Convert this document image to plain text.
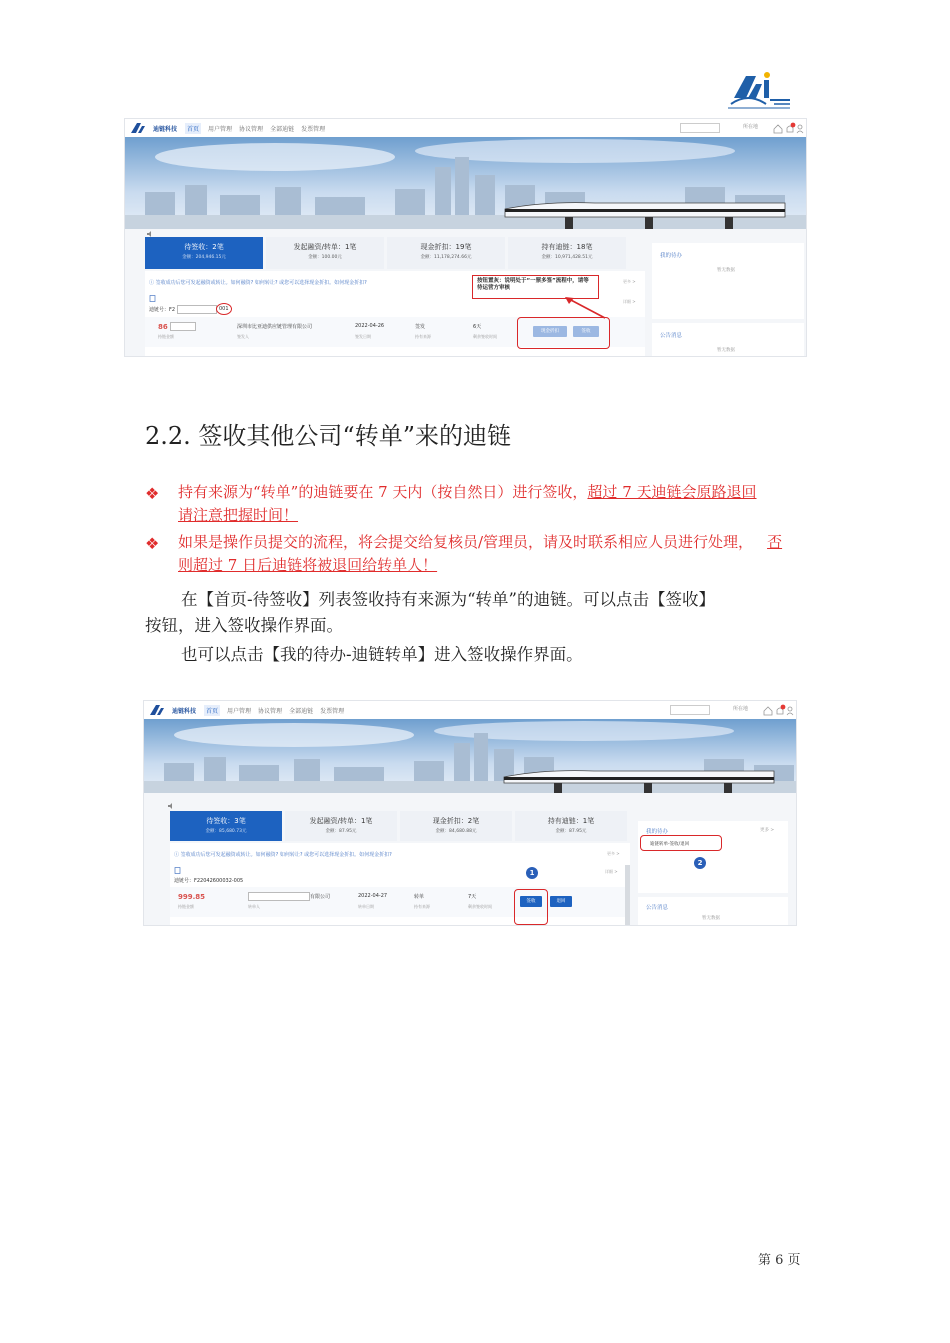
迪链科技	首页	用户管理 协议管理 全部迪链 发票管理	所在地
待签收：2笔
金额：204,946.15元
发起融资/转单：1笔
金额：100.00元
现金折扣：19笔
金额：11,178,274.66元
持有迪链：18笔
金额：10,971,428.51元
ⓘ 签收成功后您可发起融资或转让。如何融资? 如何转让? 或您可以选择现金折扣。如何现金折扣?	更多 >
详细 >
迪链号：F2	001
86
持链金额
深圳市比亚迪供应链管理有限公司
签发人
2022-04-26
签发日期
签发
持有来源
6天
剩余签收时间
现金折扣	签收
按钮置灰：说明处于“一票多签”流程中，请等待运营方审核
我的待办
暂无数据
公告消息
暂无数据
2.2. 签收其他公司“转单”来的迪链
❖ 持有来源为“转单”的迪链要在 7 天内（按自然日）进行签收，超过 7 天迪链会原路退回
请注意把握时间！
❖ 如果是操作员提交的流程，将会提交给复核员/管理员，请及时联系相应人员进行处理， 否
则超过 7 日后迪链将被退回给转单人！
在【首页-待签收】列表签收持有来源为“转单”的迪链。可以点击【签收】
按钮，进入签收操作界面。
也可以点击【我的待办-迪链转单】进入签收操作界面。
迪链科技	首页	用户管理 协议管理 全部迪链 发票管理	所在地
待签收：3笔
金额：85,680.73元
发起融资/转单：1笔
金额：87.95元
现金折扣：2笔
金额：84,680.88元
持有迪链：1笔
金额：87.95元
ⓘ 签收成功后您可发起融资或转让。如何融资? 如何转让? 或您可以选择现金折扣。如何现金折扣?	更多 >
详细 >
迪链号：F22042600032-005
999.85
持链金额
有限公司
转单人
2022-04-27
转单日期
转单
持有来源
7天
剩余签收时间
签收	退回
1
我的待办	更多 >
迪链转单-签收/退回
2
公告消息
暂无数据
第 6 页
